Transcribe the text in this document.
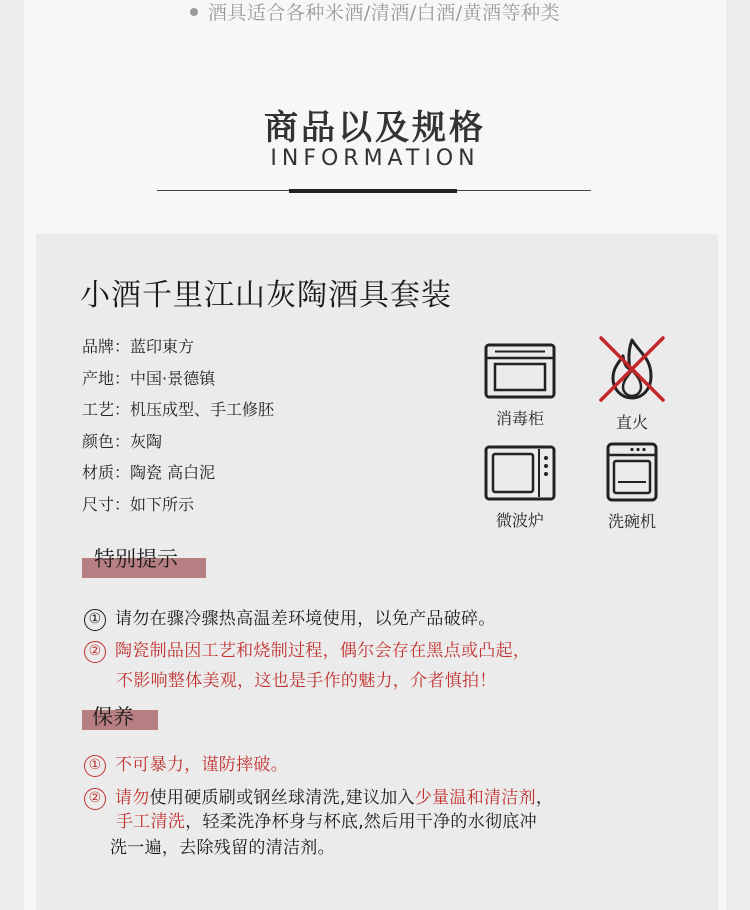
酒具适合各种米酒/清酒/白酒/黄酒等种类
商品以及规格
INFORMATION
小酒千里江山灰陶酒具套装
品牌 ： 蓝印東方
产地 ： 中国·景德镇
工艺 ： 机压成型、手工修胚
颜色 ： 灰陶
材质 ： 陶瓷 高白泥
尺寸 ： 如下所示
消毒柜	直火
微波炉	洗碗机
特别提示
① 请勿在骤冷骤热高温差环境使用，以免产品破碎。
② 陶瓷制品因工艺和烧制过程，偶尔会存在黑点或凸起，
不影响整体美观，这也是手作的魅力，介者慎拍！
保养
① 不可暴力，谨防摔破。
② 请勿使用硬质刷或钢丝球清洗,建议加入少量温和清洁剂，
手工清洗，轻柔洗净杯身与杯底,然后用干净的水彻底冲
洗一遍，去除残留的清洁剂。
